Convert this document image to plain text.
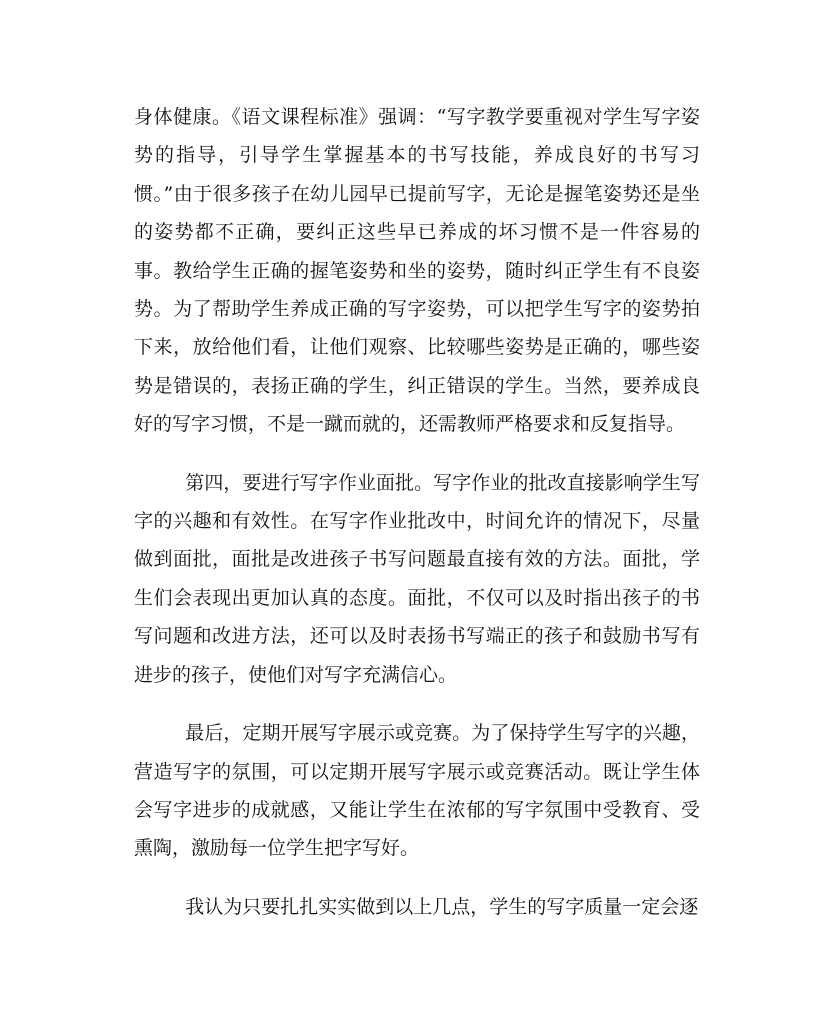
身体健康。《语文课程标准》强调：“写字教学要重视对学生写字姿势的指导，引导学生掌握基本的书写技能，养成良好的书写习惯。”由于很多孩子在幼儿园早已提前写字，无论是握笔姿势还是坐的姿势都不正确，要纠正这些早已养成的坏习惯不是一件容易的事。教给学生正确的握笔姿势和坐的姿势，随时纠正学生有不良姿势。为了帮助学生养成正确的写字姿势，可以把学生写字的姿势拍下来，放给他们看，让他们观察、比较哪些姿势是正确的，哪些姿势是错误的，表扬正确的学生，纠正错误的学生。当然，要养成良好的写字习惯，不是一蹴而就的，还需教师严格要求和反复指导。

第四，要进行写字作业面批。写字作业的批改直接影响学生写字的兴趣和有效性。在写字作业批改中，时间允许的情况下，尽量做到面批，面批是改进孩子书写问题最直接有效的方法。面批，学生们会表现出更加认真的态度。面批，不仅可以及时指出孩子的书写问题和改进方法，还可以及时表扬书写端正的孩子和鼓励书写有进步的孩子，使他们对写字充满信心。

最后，定期开展写字展示或竞赛。为了保持学生写字的兴趣，营造写字的氛围，可以定期开展写字展示或竞赛活动。既让学生体会写字进步的成就感，又能让学生在浓郁的写字氛围中受教育、受熏陶，激励每一位学生把字写好。

我认为只要扎扎实实做到以上几点，学生的写字质量一定会逐
